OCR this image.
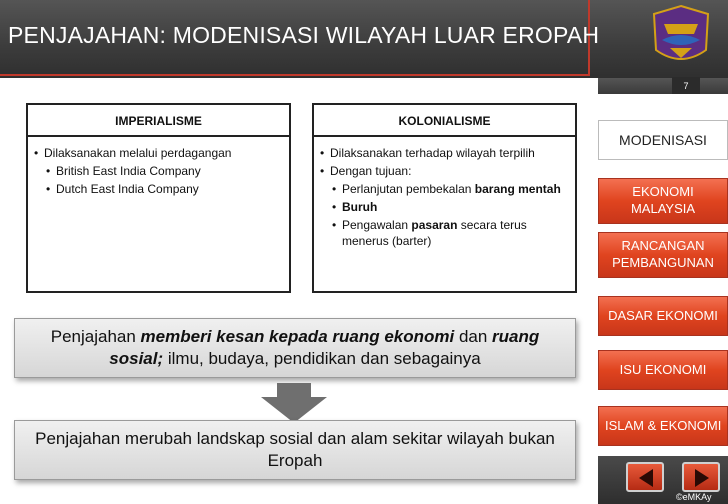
PENJAJAHAN: MODENISASI WILAYAH LUAR EROPAH
7
MODENISASI
EKONOMI MALAYSIA
RANCANGAN PEMBANGUNAN
DASAR EKONOMI
ISU EKONOMI
ISLAM & EKONOMI
©eMKAy
IMPERIALISME
• Dilaksanakan melalui perdagangan
• British East India Company
• Dutch East India Company
KOLONIALISME
• Dilaksanakan terhadap wilayah terpilih
• Dengan tujuan:
• Perlanjutan pembekalan barang mentah
• Buruh
• Pengawalan pasaran secara terus menerus (barter)
Penjajahan memberi kesan kepada ruang ekonomi dan ruang sosial; ilmu, budaya, pendidikan dan sebagainya
Penjajahan merubah landskap sosial dan alam sekitar wilayah bukan Eropah
